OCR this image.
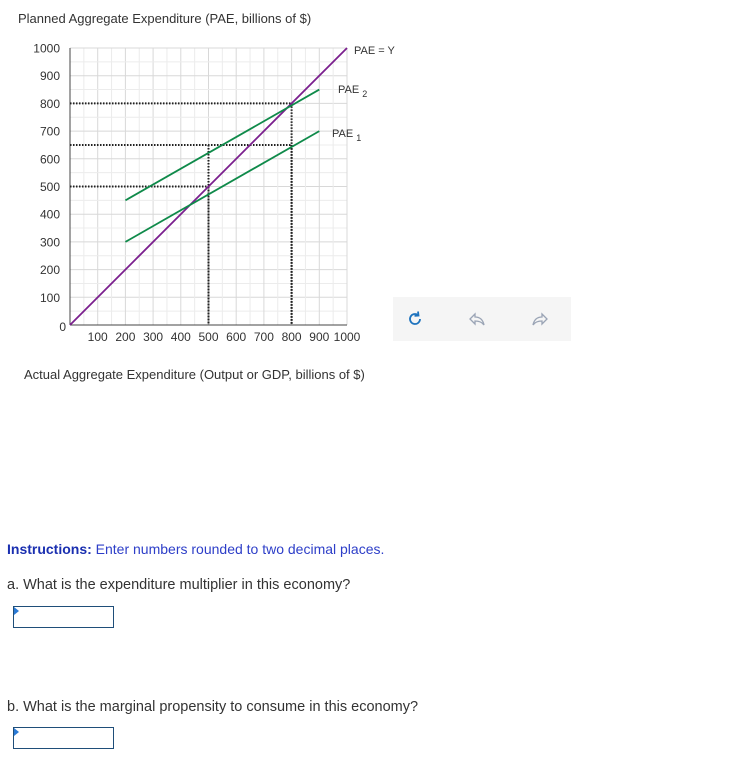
Planned Aggregate Expenditure (PAE, billions of $)
1000
900
800
700
600
500
400
300
200
100
100 200 300 400 500 600 700 800 900 1000
0
PAE = Y
PAE $_2$
PAE $_1$
Actual Aggregate Expenditure (Output or GDP, billions of $)
Instructions: Enter numbers rounded to two decimal places.
a. What is the expenditure multiplier in this economy?
b. What is the marginal propensity to consume in this economy?
